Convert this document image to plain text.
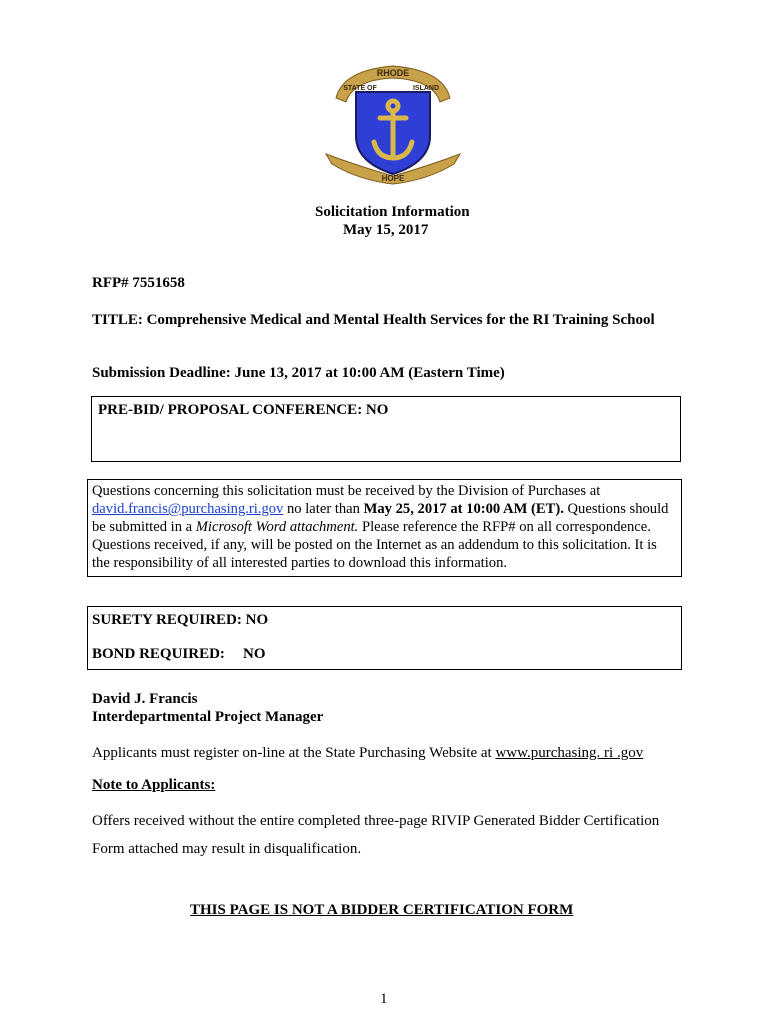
RHODE
STATE OF	ISLAND
HOPE
Solicitation Information
May 15, 2017
RFP# 7551658
TITLE: Comprehensive Medical and Mental Health Services for the RI Training School
Submission Deadline: June 13, 2017 at 10:00 AM (Eastern Time)
PRE-BID/ PROPOSAL CONFERENCE: NO
Questions concerning this solicitation must be received by the Division of Purchases at david.francis@purchasing.ri.gov no later than May 25, 2017 at 10:00 AM (ET). Questions should be submitted in a Microsoft Word attachment. Please reference the RFP# on all correspondence. Questions received, if any, will be posted on the Internet as an addendum to this solicitation. It is the responsibility of all interested parties to download this information.
SURETY REQUIRED: NO
BOND REQUIRED: NO
David J. Francis
Interdepartmental Project Manager
Applicants must register on-line at the State Purchasing Website at www.purchasing. ri .gov
Note to Applicants:
Offers received without the entire completed three-page RIVIP Generated Bidder Certification
Form attached may result in disqualification.
THIS PAGE IS NOT A BIDDER CERTIFICATION FORM
1
